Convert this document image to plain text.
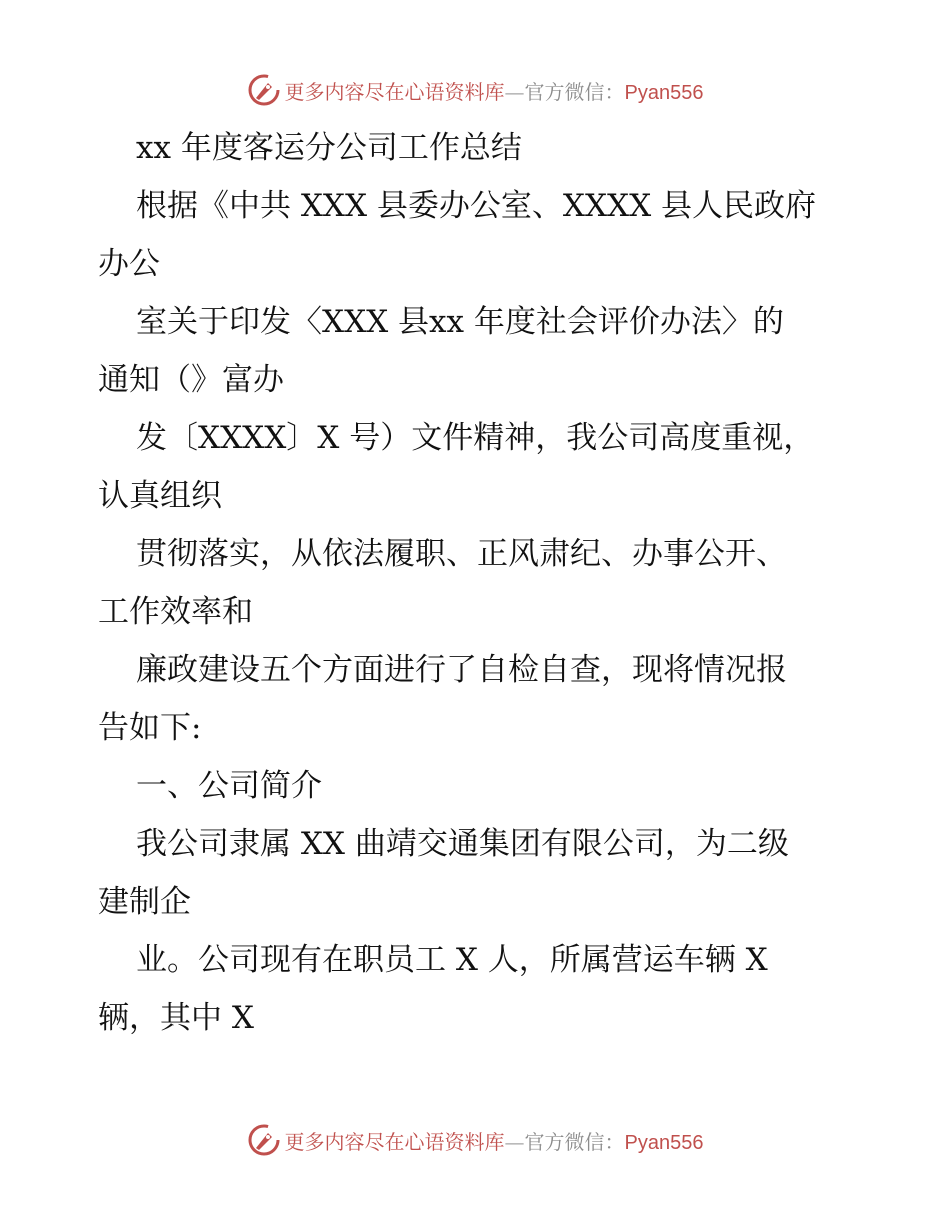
更多内容尽在心语资料库—官方微信：Pyan556
xx 年度客运分公司工作总结
根据《中共 XXX 县委办公室、XXXX 县人民政府
办公
室关于印发〈XXX 县xx 年度社会评价办法〉的
通知（》富办
发〔XXXX〕X 号）文件精神，我公司高度重视，
认真组织
贯彻落实，从依法履职、正风肃纪、办事公开、
工作效率和
廉政建设五个方面进行了自检自查，现将情况报
告如下:
一、公司简介
我公司隶属 XX 曲靖交通集团有限公司，为二级
建制企
业。公司现有在职员工 X 人，所属营运车辆 X
辆，其中 X
更多内容尽在心语资料库—官方微信：Pyan556
